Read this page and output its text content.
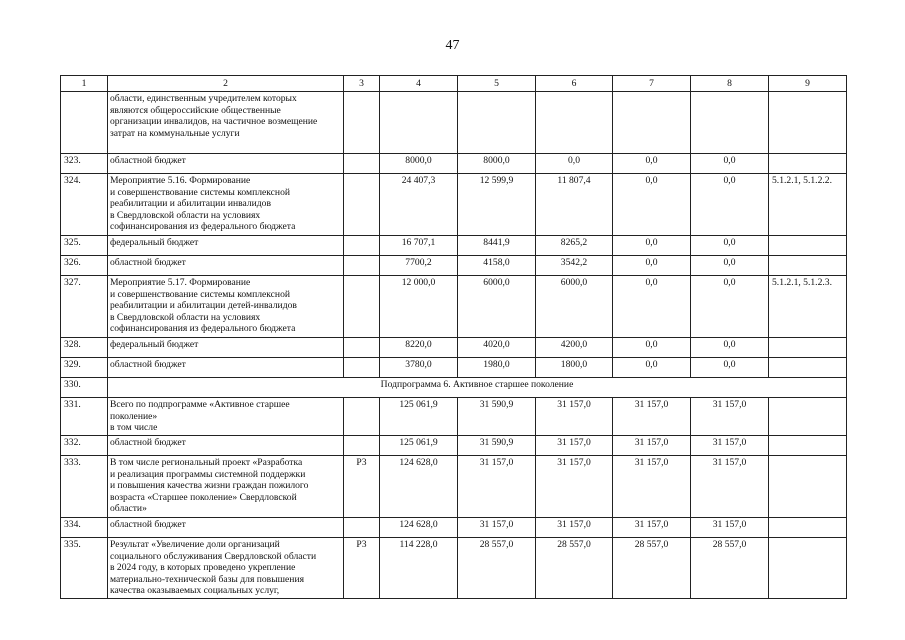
47
1	2	3	4	5	6	7	8	9
	области, единственным учредителем которых
являются общероссийские общественные
организации инвалидов, на частичное возмещение
затрат на коммунальные услуги							
323.	областной бюджет		8000,0	8000,0	0,0	0,0	0,0	
324.	Мероприятие 5.16. Формирование
и совершенствование системы комплексной
реабилитации и абилитации инвалидов
в Свердловской области на условиях
софинансирования из федерального бюджета		24 407,3	12 599,9	11 807,4	0,0	0,0	5.1.2.1, 5.1.2.2.
325.	федеральный бюджет		16 707,1	8441,9	8265,2	0,0	0,0	
326.	областной бюджет		7700,2	4158,0	3542,2	0,0	0,0	
327.	Мероприятие 5.17. Формирование
и совершенствование системы комплексной
реабилитации и абилитации детей-инвалидов
в Свердловской области на условиях
софинансирования из федерального бюджета		12 000,0	6000,0	6000,0	0,0	0,0	5.1.2.1, 5.1.2.3.
328.	федеральный бюджет		8220,0	4020,0	4200,0	0,0	0,0	
329.	областной бюджет		3780,0	1980,0	1800,0	0,0	0,0	
330.	Подпрограмма 6. Активное старшее поколение							
331.	Всего по подпрограмме «Активное старшее
поколение»
в том числе		125 061,9	31 590,9	31 157,0	31 157,0	31 157,0	
332.	областной бюджет		125 061,9	31 590,9	31 157,0	31 157,0	31 157,0	
333.	В том числе региональный проект «Разработка
и реализация программы системной поддержки
и повышения качества жизни граждан пожилого
возраста «Старшее поколение» Свердловской
области»	Р3	124 628,0	31 157,0	31 157,0	31 157,0	31 157,0	
334.	областной бюджет		124 628,0	31 157,0	31 157,0	31 157,0	31 157,0	
335.	Результат «Увеличение доли организаций
социального обслуживания Свердловской области
в 2024 году, в которых проведено укрепление
материально-технической базы для повышения
качества оказываемых социальных услуг,	Р3	114 228,0	28 557,0	28 557,0	28 557,0	28 557,0	
